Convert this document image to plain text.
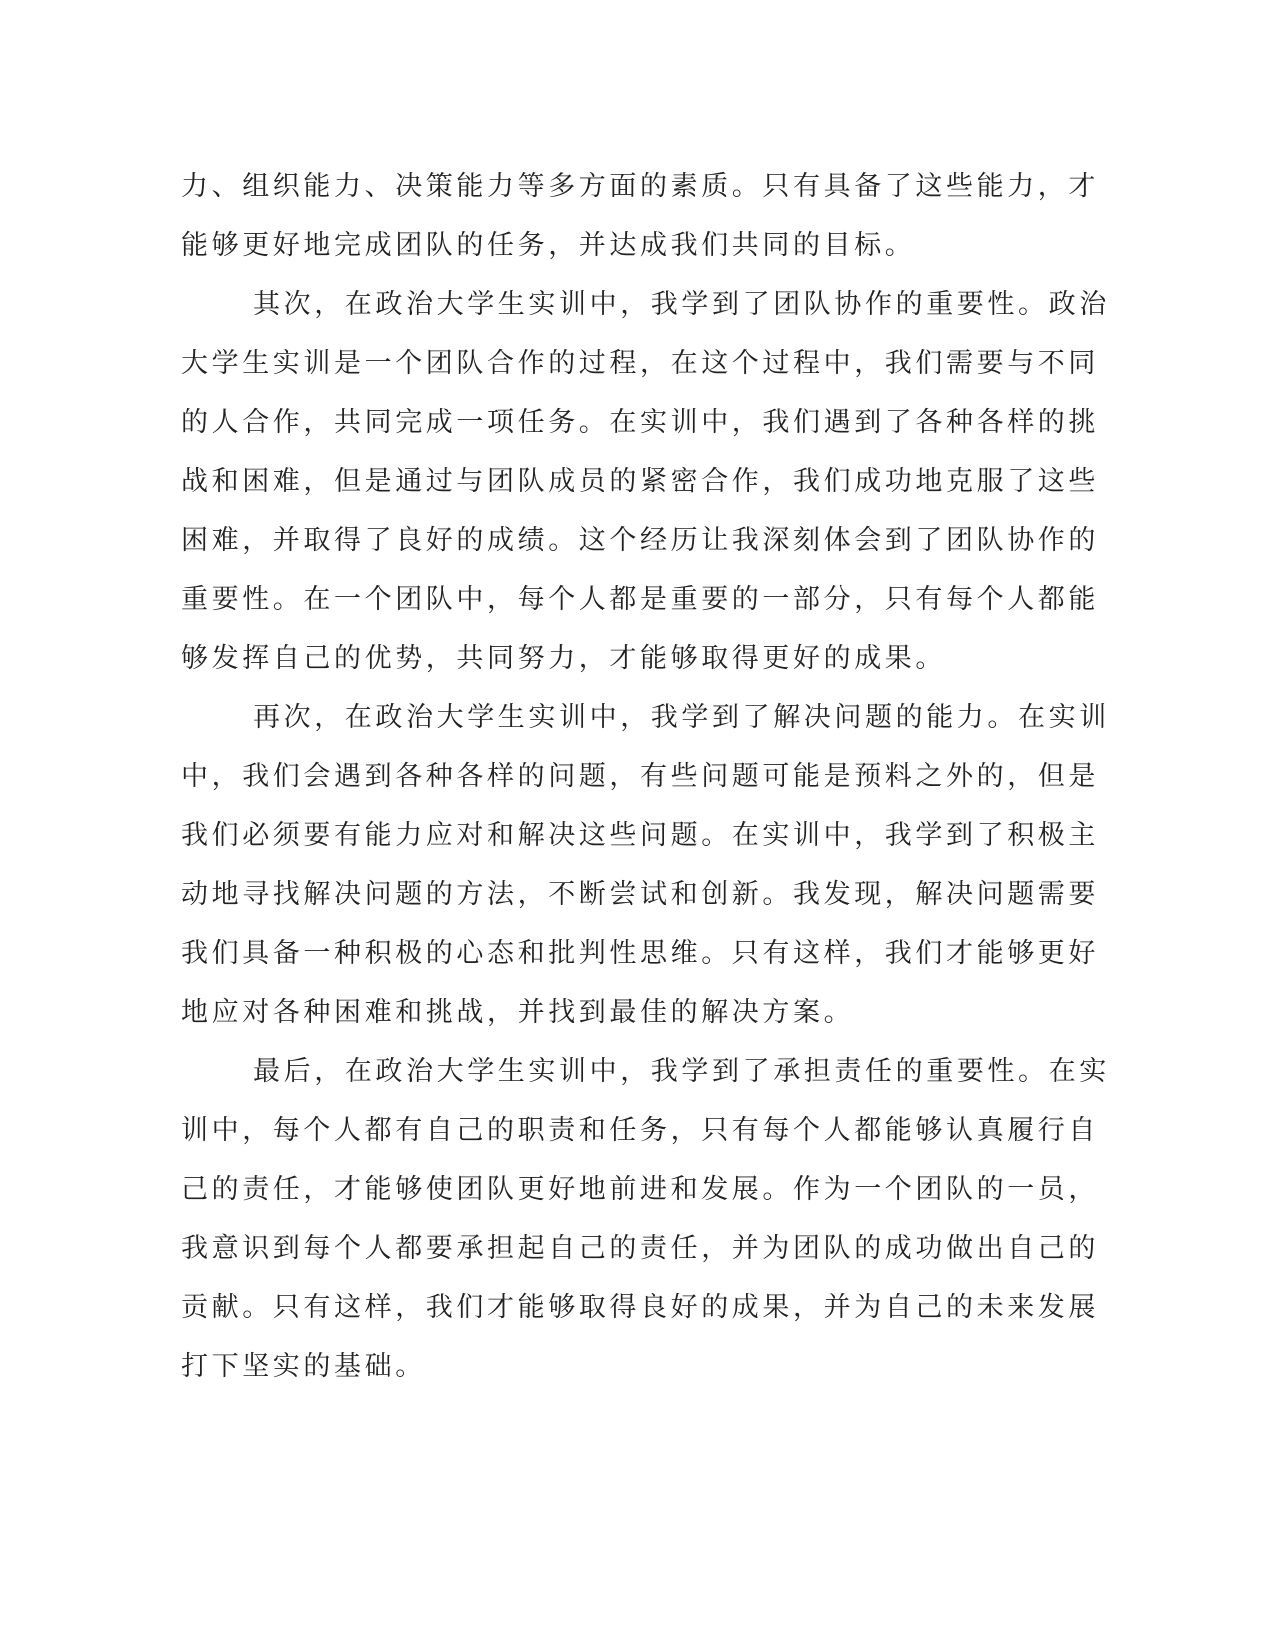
力、组织能力、决策能力等多方面的素质。只有具备了这些能力，才
能够更好地完成团队的任务，并达成我们共同的目标。
其次，在政治大学生实训中，我学到了团队协作的重要性。政治
大学生实训是一个团队合作的过程，在这个过程中，我们需要与不同
的人合作，共同完成一项任务。在实训中，我们遇到了各种各样的挑
战和困难，但是通过与团队成员的紧密合作，我们成功地克服了这些
困难，并取得了良好的成绩。这个经历让我深刻体会到了团队协作的
重要性。在一个团队中，每个人都是重要的一部分，只有每个人都能
够发挥自己的优势，共同努力，才能够取得更好的成果。
再次，在政治大学生实训中，我学到了解决问题的能力。在实训
中，我们会遇到各种各样的问题，有些问题可能是预料之外的，但是
我们必须要有能力应对和解决这些问题。在实训中，我学到了积极主
动地寻找解决问题的方法，不断尝试和创新。我发现，解决问题需要
我们具备一种积极的心态和批判性思维。只有这样，我们才能够更好
地应对各种困难和挑战，并找到最佳的解决方案。
最后，在政治大学生实训中，我学到了承担责任的重要性。在实
训中，每个人都有自己的职责和任务，只有每个人都能够认真履行自
己的责任，才能够使团队更好地前进和发展。作为一个团队的一员，
我意识到每个人都要承担起自己的责任，并为团队的成功做出自己的
贡献。只有这样，我们才能够取得良好的成果，并为自己的未来发展
打下坚实的基础。
